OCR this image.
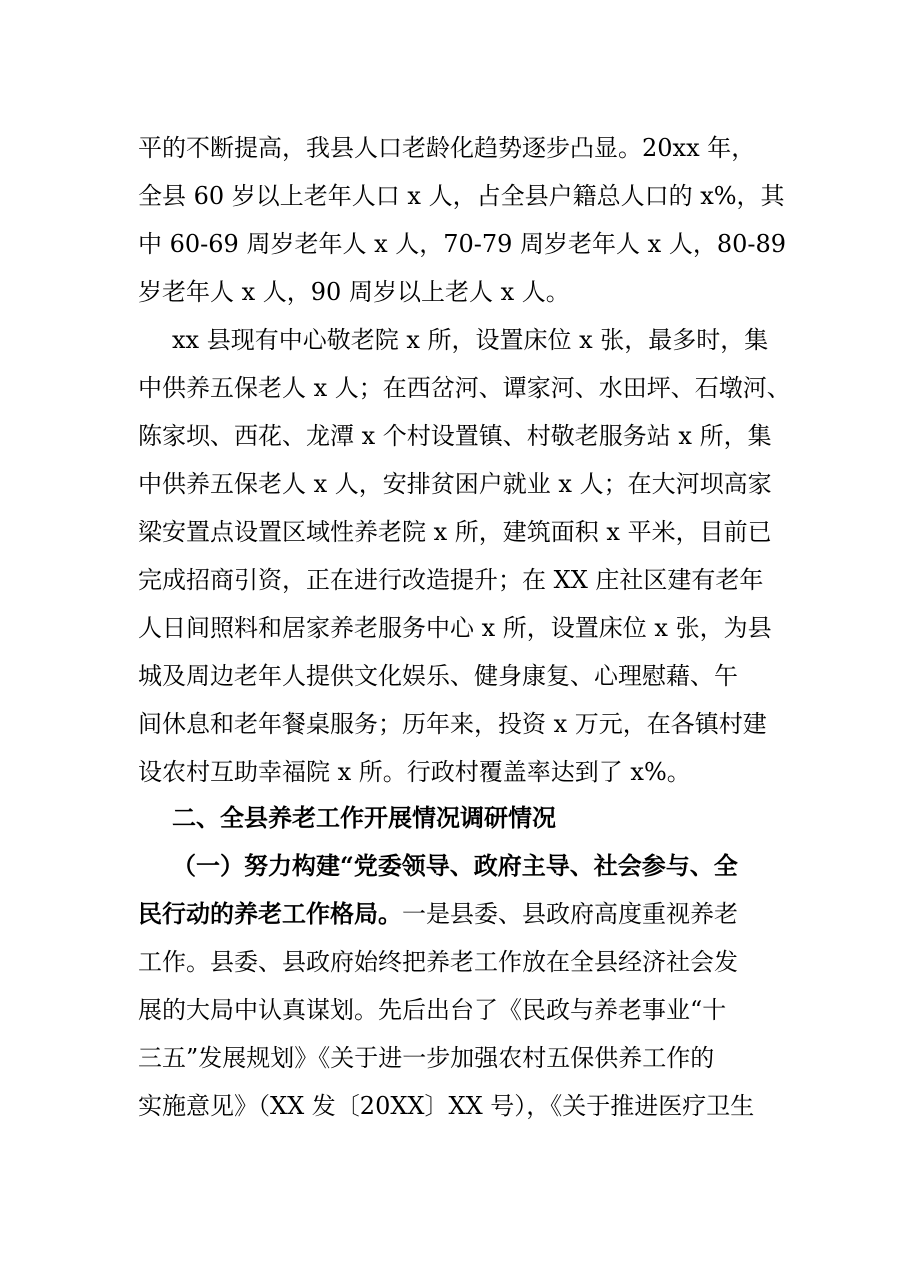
平的不断提高，我县人口老龄化趋势逐步凸显。20xx 年，
全县 60 岁以上老年人口 x 人，占全县户籍总人口的 x%，其
中 60-69 周岁老年人 x 人，70-79 周岁老年人 x 人，80-89
岁老年人 x 人，90 周岁以上老人 x 人。
xx 县现有中心敬老院 x 所，设置床位 x 张，最多时，集
中供养五保老人 x 人；在西岔河、谭家河、水田坪、石墩河、
陈家坝、西花、龙潭 x 个村设置镇、村敬老服务站 x 所，集
中供养五保老人 x 人，安排贫困户就业 x 人；在大河坝高家
梁安置点设置区域性养老院 x 所，建筑面积 x 平米，目前已
完成招商引资，正在进行改造提升；在 XX 庄社区建有老年
人日间照料和居家养老服务中心 x 所，设置床位 x 张，为县
城及周边老年人提供文化娱乐、健身康复、心理慰藉、午
间休息和老年餐桌服务；历年来，投资 x 万元，在各镇村建
设农村互助幸福院 x 所。行政村覆盖率达到了 x%。
二、全县养老工作开展情况调研情况
（一）努力构建“党委领导、政府主导、社会参与、全
民行动的养老工作格局。一是县委、县政府高度重视养老
工作。县委、县政府始终把养老工作放在全县经济社会发
展的大局中认真谋划。先后出台了《民政与养老事业“十
三五”发展规划》《关于进一步加强农村五保供养工作的
实施意见》（XX 发〔20XX〕XX 号），《关于推进医疗卫生
